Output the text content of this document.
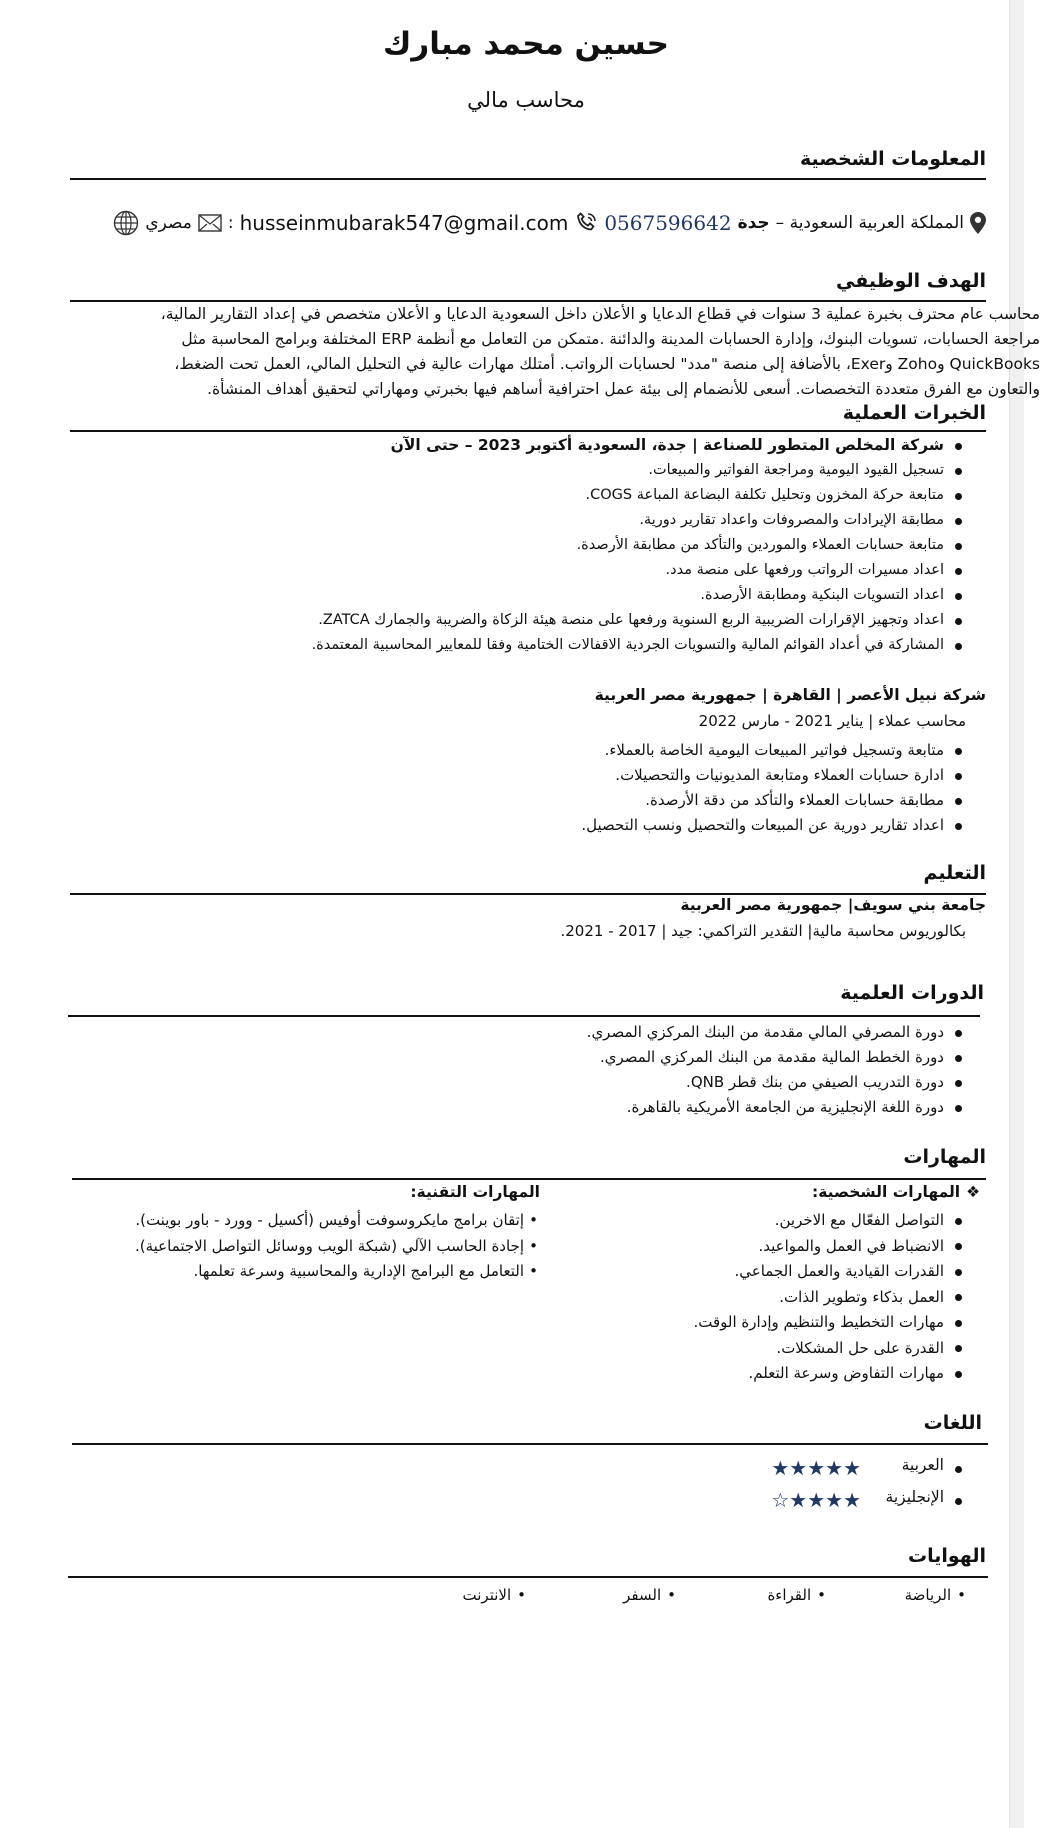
حسين محمد مبارك
محاسب مالي
المعلومات الشخصية
المملكة العربية السعودية –
جدة
0567596642
husseinmubarak547@gmail.com
:
مصري
الهدف الوظيفي
محاسب عام محترف بخبرة عملية 3 سنوات في قطاع الدعايا و الأعلان داخل السعودية الدعايا و الأعلان متخصص في إعداد التقارير المالية،
مراجعة الحسابات، تسويات البنوك، وإدارة الحسابات المدينة والدائنة .متمكن من التعامل مع أنظمة ERP المختلفة وبرامج المحاسبة مثل
QuickBooks وZoho وExer، بالأضافة إلى منصة "مدد" لحسابات الرواتب. أمتلك مهارات عالية في التحليل المالي، العمل تحت الضغط،
والتعاون مع الفرق متعددة التخصصات. أسعى للأنضمام إلى بيئة عمل احترافية أساهم فيها بخبرتي ومهاراتي لتحقيق أهداف المنشأة.
الخبرات العملية
شركة المخلص المتطور للصناعة | جدة، السعودية أكتوبر 2023 – حتى الآن
تسجيل القيود اليومية ومراجعة الفواتير والمبيعات.
متابعة حركة المخزون وتحليل تكلفة البضاعة المباعة COGS.
مطابقة الإيرادات والمصروفات واعداد تقارير دورية.
متابعة حسابات العملاء والموردين والتأكد من مطابقة الأرصدة.
اعداد مسيرات الرواتب ورفعها على منصة مدد.
اعداد التسويات البنكية ومطابقة الأرصدة.
اعداد وتجهيز الإقرارات الضريبية الربع السنوية ورفعها على منصة هيئة الزكاة والضريبة والجمارك ZATCA.
المشاركة في أعداد القوائم المالية والتسويات الجردية الاقفالات الختامية وفقا للمعايير المحاسبية المعتمدة.
شركة نبيل الأعصر | القاهرة | جمهورية مصر العربية
محاسب عملاء | يناير 2021 - مارس 2022
متابعة وتسجيل فواتير المبيعات اليومية الخاصة بالعملاء.
ادارة حسابات العملاء ومتابعة المديونيات والتحصيلات.
مطابقة حسابات العملاء والتأكد من دقة الأرصدة.
اعداد تقارير دورية عن المبيعات والتحصيل ونسب التحصيل.
التعليم
جامعة بني سويف| جمهورية مصر العربية
بكالوريوس محاسبة مالية| التقدير التراكمي: جيد | 2017 - 2021.
الدورات العلمية
دورة المصرفي المالي مقدمة من البنك المركزي المصري.
دورة الخطط المالية مقدمة من البنك المركزي المصري.
دورة التدريب الصيفي من بنك قطر QNB.
دورة اللغة الإنجليزية من الجامعة الأمريكية بالقاهرة.
المهارات
❖المهارات الشخصية:
المهارات التقنية:
التواصل الفعّال مع الاخرين.
الانضباط في العمل والمواعيد.
القدرات القيادية والعمل الجماعي.
العمل بذكاء وتطوير الذات.
مهارات التخطيط والتنظيم وإدارة الوقت.
القدرة على حل المشكلات.
مهارات التفاوض وسرعة التعلم.
• إتقان برامج مايكروسوفت أوفيس (أكسيل - وورد - باور بوينت).
• إجادة الحاسب الآلي (شبكة الويب ووسائل التواصل الاجتماعية).
• التعامل مع البرامج الإدارية والمحاسبية وسرعة تعلمها.
اللغات
العربية
★★★★★
الإنجليزية
☆★★★★
الهوايات
• الرياضة
• القراءة
• السفر
• الانترنت
